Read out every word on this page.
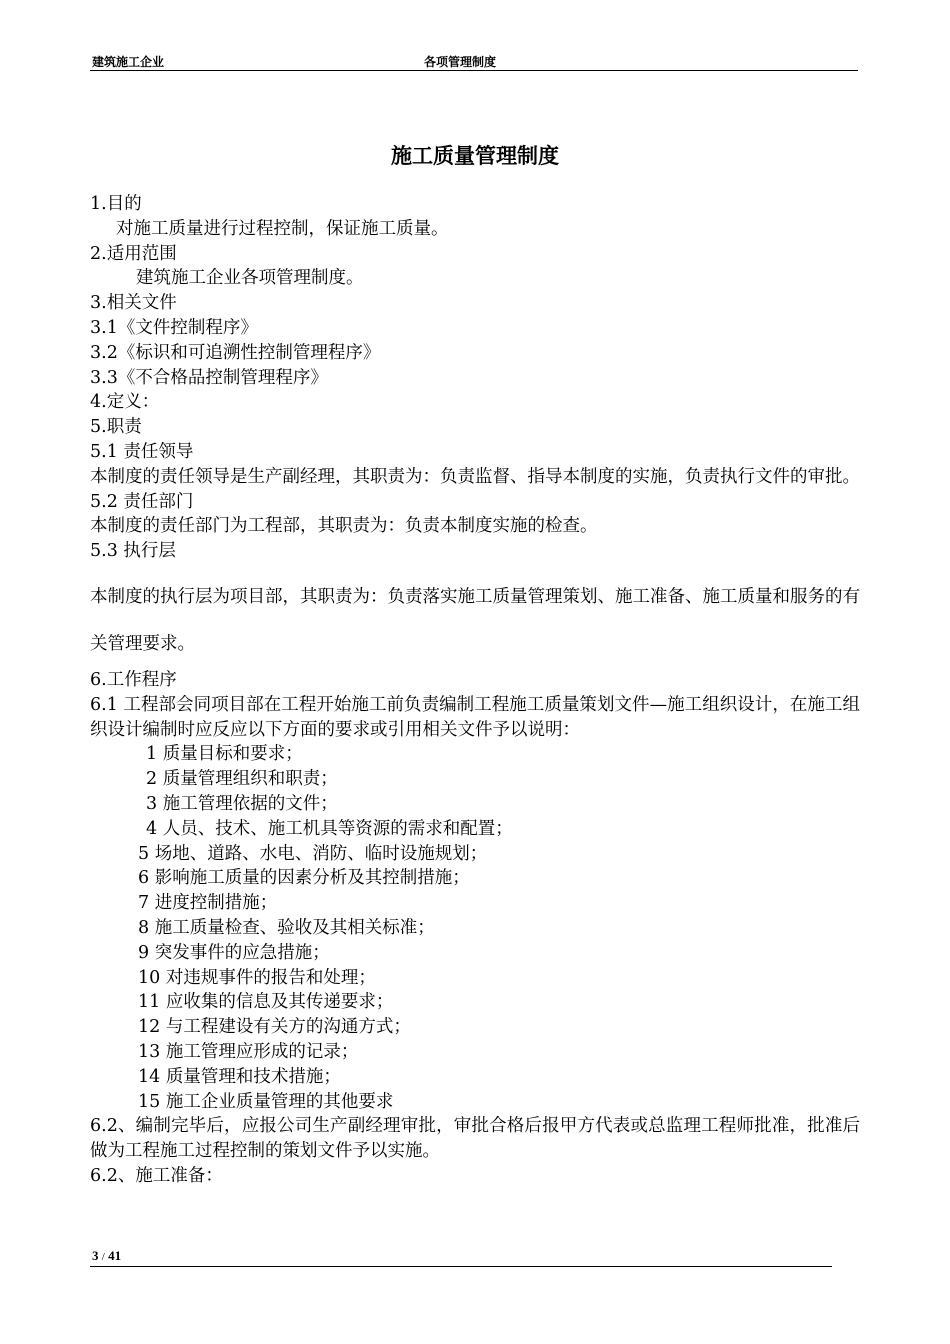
建筑施工企业	各项管理制度
施工质量管理制度
1.目的
对施工质量进行过程控制，保证施工质量。
2.适用范围
建筑施工企业各项管理制度。
3.相关文件
3.1《文件控制程序》
3.2《标识和可追溯性控制管理程序》
3.3《不合格品控制管理程序》
4.定义：
5.职责
5.1 责任领导
本制度的责任领导是生产副经理，其职责为：负责监督、指导本制度的实施，负责执行文件的审批。
5.2 责任部门
本制度的责任部门为工程部，其职责为：负责本制度实施的检查。
5.3 执行层
本制度的执行层为项目部，其职责为：负责落实施工质量管理策划、施工准备、施工质量和服务的有关管理要求。
6.工作程序
6.1 工程部会同项目部在工程开始施工前负责编制工程施工质量策划文件—施工组织设计，在施工组织设计编制时应反应以下方面的要求或引用相关文件予以说明：
1 质量目标和要求；
2 质量管理组织和职责；
3 施工管理依据的文件；
4 人员、技术、施工机具等资源的需求和配置；
5 场地、道路、水电、消防、临时设施规划；
6 影响施工质量的因素分析及其控制措施；
7 进度控制措施；
8 施工质量检查、验收及其相关标准；
9 突发事件的应急措施；
10 对违规事件的报告和处理；
11 应收集的信息及其传递要求；
12 与工程建设有关方的沟通方式；
13 施工管理应形成的记录；
14 质量管理和技术措施；
15 施工企业质量管理的其他要求
6.2、编制完毕后，应报公司生产副经理审批，审批合格后报甲方代表或总监理工程师批准，批准后做为工程施工过程控制的策划文件予以实施。
6.2、施工准备：
3 / 41
